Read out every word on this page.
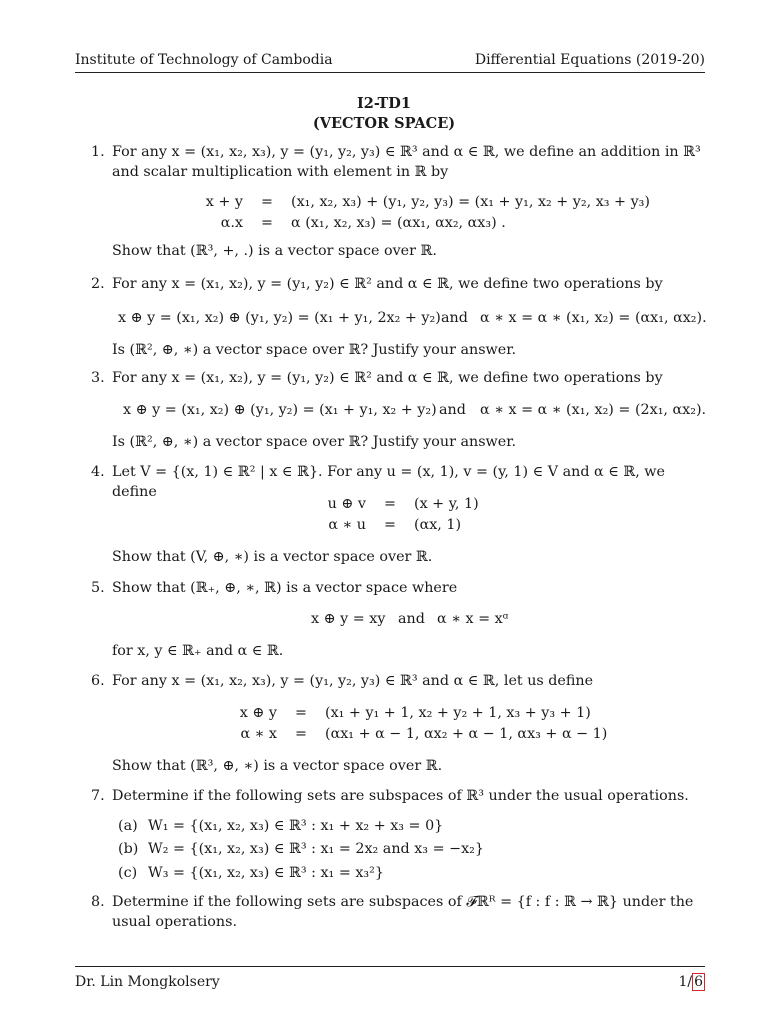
Institute of Technology of Cambodia	Differential Equations (2019-20)
I2-TD1
(VECTOR SPACE)
1. For any x = (x₁, x₂, x₃), y = (y₁, y₂, y₃) ∈ ℝ³ and α ∈ ℝ, we define an addition in ℝ³ and scalar multiplication with element in ℝ by
x + y	=	(x₁, x₂, x₃) + (y₁, y₂, y₃) = (x₁ + y₁, x₂ + y₂, x₃ + y₃)
α.x	=	α (x₁, x₂, x₃) = (αx₁, αx₂, αx₃) .
Show that (ℝ³, +, .) is a vector space over ℝ.
2. For any x = (x₁, x₂), y = (y₁, y₂) ∈ ℝ² and α ∈ ℝ, we define two operations by
x ⊕ y = (x₁, x₂) ⊕ (y₁, y₂) = (x₁ + y₁, 2x₂ + y₂) and α ∗ x = α ∗ (x₁, x₂) = (αx₁, αx₂).
Is (ℝ², ⊕, ∗) a vector space over ℝ? Justify your answer.
3. For any x = (x₁, x₂), y = (y₁, y₂) ∈ ℝ² and α ∈ ℝ, we define two operations by
x ⊕ y = (x₁, x₂) ⊕ (y₁, y₂) = (x₁ + y₁, x₂ + y₂) and α ∗ x = α ∗ (x₁, x₂) = (2x₁, αx₂).
Is (ℝ², ⊕, ∗) a vector space over ℝ? Justify your answer.
4. Let V = {(x, 1) ∈ ℝ² | x ∈ ℝ}. For any u = (x, 1), v = (y, 1) ∈ V and α ∈ ℝ, we define
u ⊕ v	=	(x + y, 1)
α ∗ u	=	(αx, 1)
Show that (V, ⊕, ∗) is a vector space over ℝ.
5. Show that (ℝ₊, ⊕, ∗, ℝ) is a vector space where
x ⊕ y = xy and α ∗ x = xᵅ
for x, y ∈ ℝ₊ and α ∈ ℝ.
6. For any x = (x₁, x₂, x₃), y = (y₁, y₂, y₃) ∈ ℝ³ and α ∈ ℝ, let us define
x ⊕ y	=	(x₁ + y₁ + 1, x₂ + y₂ + 1, x₃ + y₃ + 1)
α ∗ x	=	(αx₁ + α − 1, αx₂ + α − 1, αx₃ + α − 1)
Show that (ℝ³, ⊕, ∗) is a vector space over ℝ.
7. Determine if the following sets are subspaces of ℝ³ under the usual operations.
(a) W₁ = {(x₁, x₂, x₃) ∈ ℝ³ : x₁ + x₂ + x₃ = 0}
(b) W₂ = {(x₁, x₂, x₃) ∈ ℝ³ : x₁ = 2x₂ and x₃ = −x₂}
(c) W₃ = {(x₁, x₂, x₃) ∈ ℝ³ : x₁ = x₃²}
8. Determine if the following sets are subspaces of 𝓕ℝᴿ = {f : f : ℝ → ℝ} under the usual operations.
Dr. Lin Mongkolsery	1/ 6
